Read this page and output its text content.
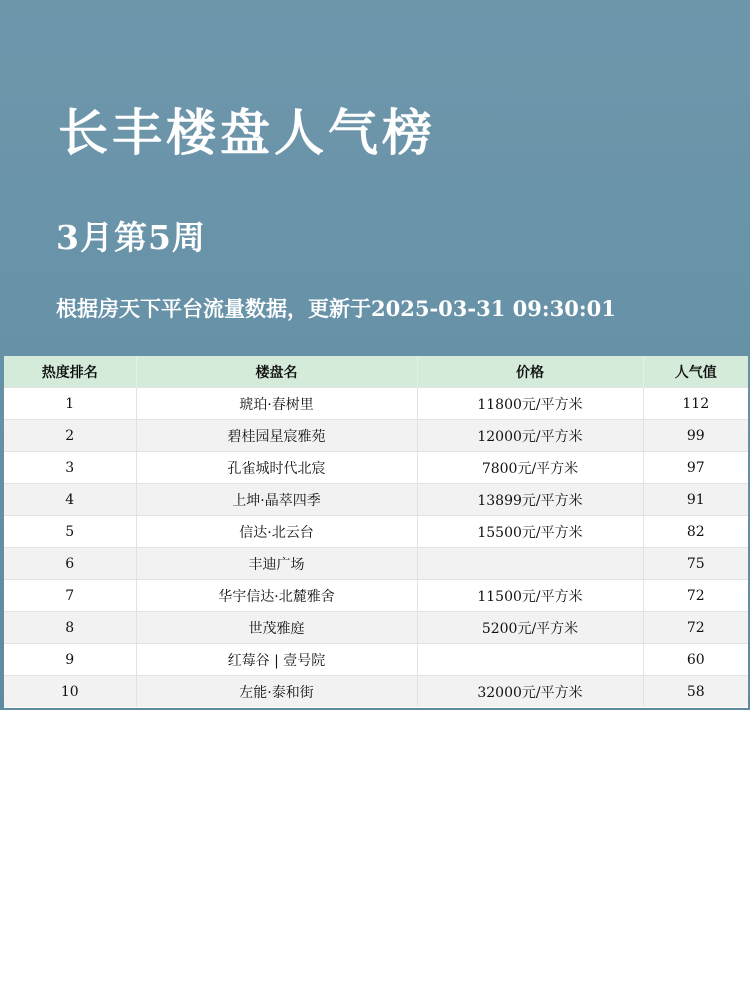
长丰楼盘人气榜
3月第5周
根据房天下平台流量数据，更新于2025-03-31 09:30:01
热度排名	楼盘名	价格	人气值
1	琥珀·春树里	11800元/平方米	112
2	碧桂园星宸雅苑	12000元/平方米	99
3	孔雀城时代北宸	7800元/平方米	97
4	上坤·晶萃四季	13899元/平方米	91
5	信达·北云台	15500元/平方米	82
6	丰迪广场		75
7	华宇信达·北麓雅舍	11500元/平方米	72
8	世茂雅庭	5200元/平方米	72
9	红莓谷 | 壹号院		60
10	左能·泰和街	32000元/平方米	58
